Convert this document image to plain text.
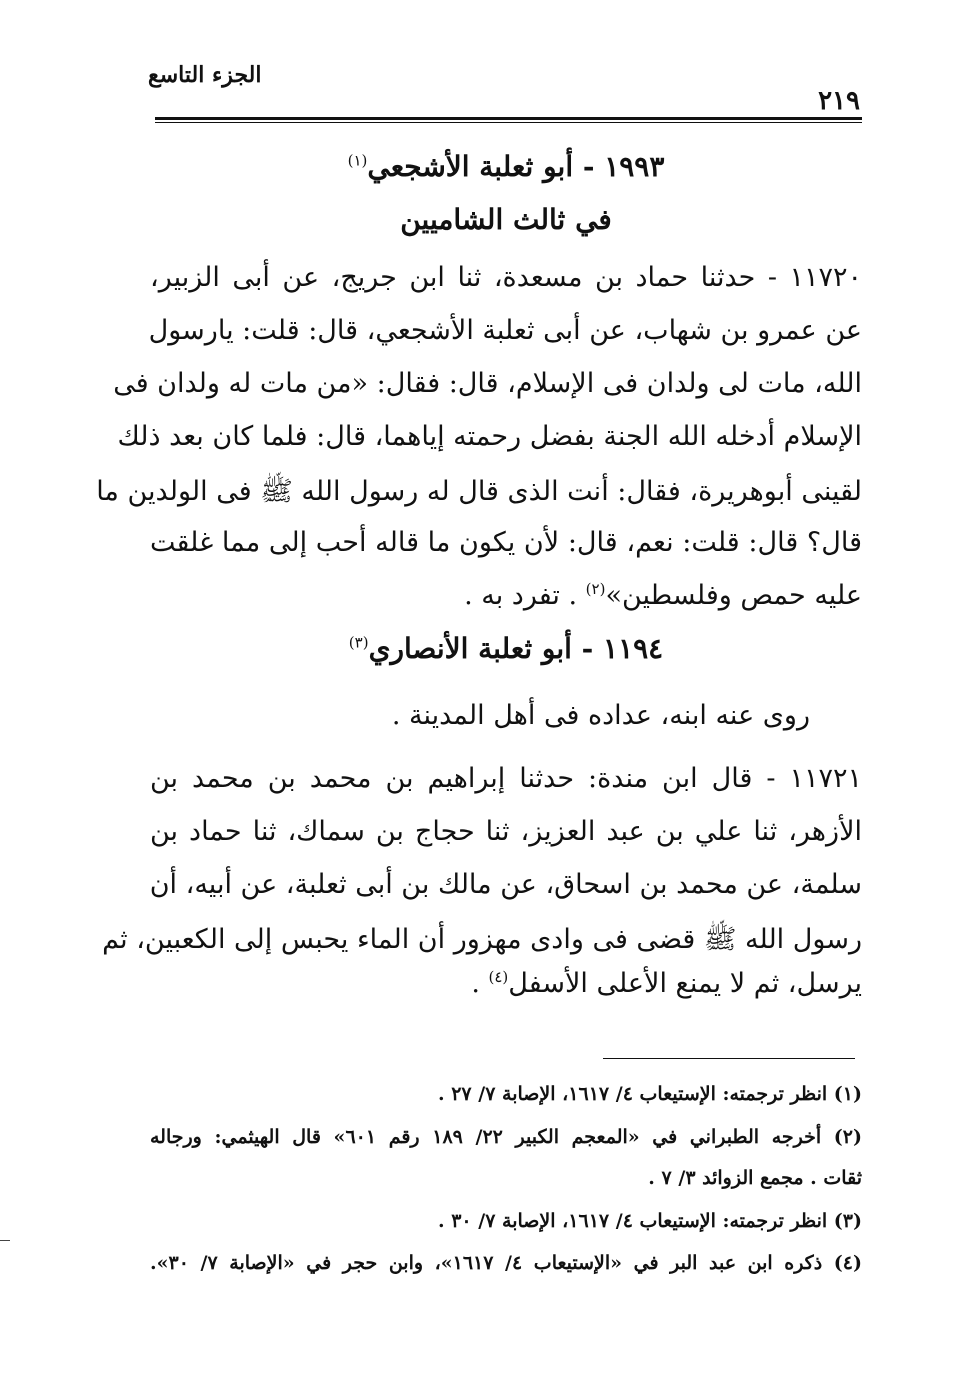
الجزء التاسع
٢١٩
١٩٩٣ - أبو ثعلبة الأشجعي$^{(١)}$
في ثالث الشاميين
١١٧٢٠ - حدثنا حماد بن مسعدة، ثنا ابن جريج، عن أبى الزبير،
عن عمرو بن شهاب، عن أبى ثعلبة الأشجعي، قال: قلت: يارسول
الله، مات لى ولدان فى الإسلام، قال: فقال: «من مات له ولدان فى
الإسلام أدخله الله الجنة بفضل رحمته إياهما، قال: فلما كان بعد ذلك
لقينى أبوهريرة، فقال: أنت الذى قال له رسول الله ﷺ فى الولدين ما
قال؟ قال: قلت: نعم، قال: لأن يكون ما قاله أحب إلى مما غلقت
عليه حمص وفلسطين»$^{(٢)}$ . تفرد به .
١١٩٤ - أبو ثعلبة الأنصاري$^{(٣)}$
روى عنه ابنه، عداده فى أهل المدينة .
١١٧٢١ - قال ابن مندة: حدثنا إبراهيم بن محمد بن محمد بن
الأزهر، ثنا علي بن عبد العزيز، ثنا حجاج بن سماك، ثنا حماد بن
سلمة، عن محمد بن اسحاق، عن مالك بن أبى ثعلبة، عن أبيه، أن
رسول الله ﷺ قضى فى وادى مهزور أن الماء يحبس إلى الكعبين، ثم
يرسل، ثم لا يمنع الأعلى الأسفل$^{(٤)}$ .
(١) انظر ترجمته: الإستيعاب ٤/ ١٦١٧، الإصابة ٧/ ٢٧ .
(٢) أخرجه الطبراني في «المعجم الكبير ٢٢/ ١٨٩ رقم ٦٠١» قال الهيثمي: ورجاله
ثقات . مجمع الزوائد ٣/ ٧ .
(٣) انظر ترجمته: الإستيعاب ٤/ ١٦١٧، الإصابة ٧/ ٣٠ .
(٤) ذكره ابن عبد البر في «الإستيعاب ٤/ ١٦١٧»، وابن حجر في «الإصابة ٧/ ٣٠».
